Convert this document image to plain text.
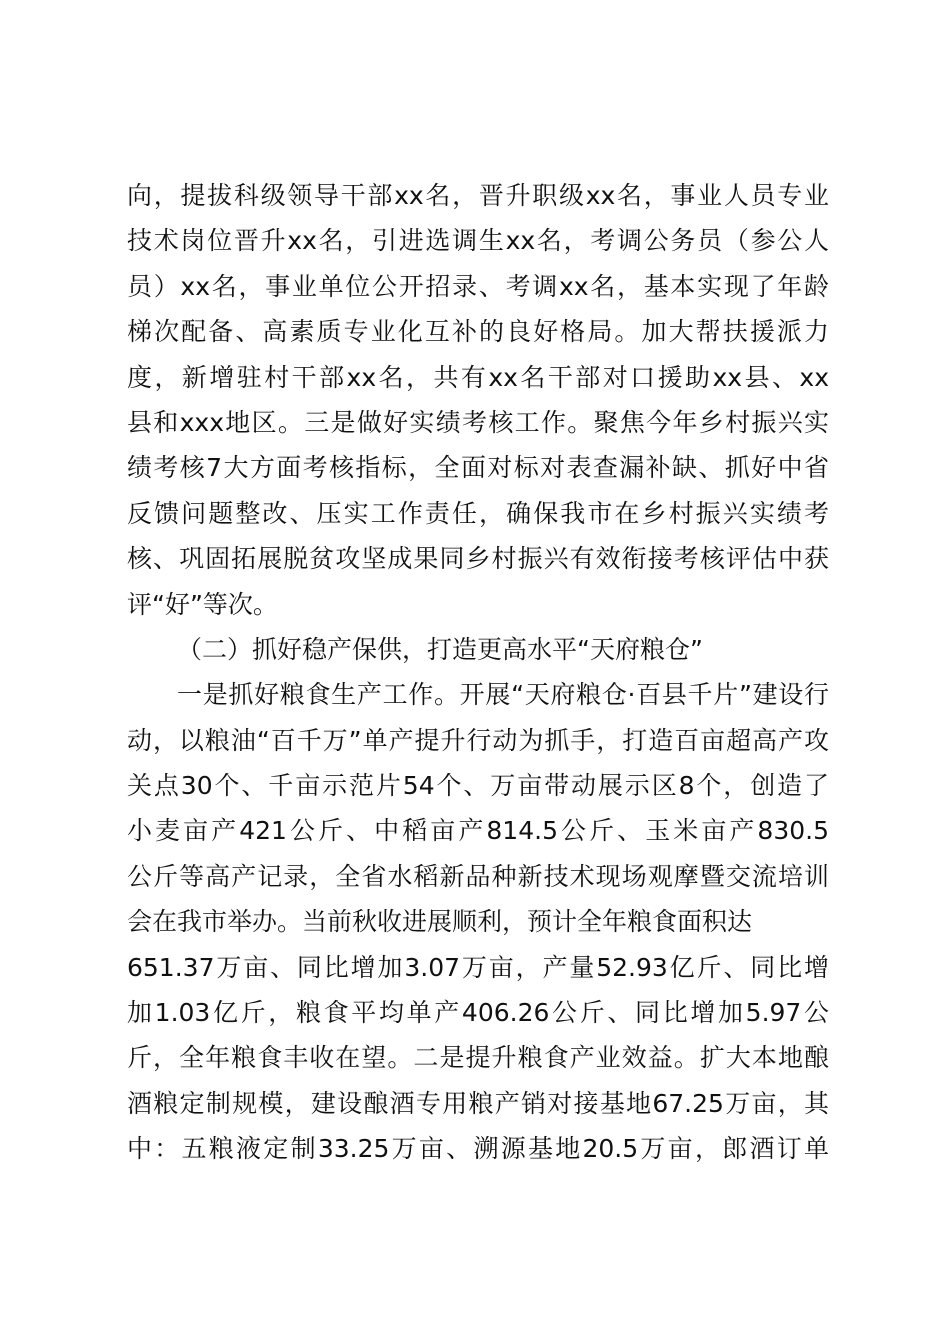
向，提拔科级领导干部xx名，晋升职级xx名，事业人员专业
技术岗位晋升xx名，引进选调生xx名，考调公务员（参公人
员）xx名，事业单位公开招录、考调xx名，基本实现了年龄
梯次配备、高素质专业化互补的良好格局。加大帮扶援派力
度，新增驻村干部xx名，共有xx名干部对口援助xx县、xx
县和xxx地区。三是做好实绩考核工作。聚焦今年乡村振兴实
绩考核7大方面考核指标，全面对标对表查漏补缺、抓好中省
反馈问题整改、压实工作责任，确保我市在乡村振兴实绩考
核、巩固拓展脱贫攻坚成果同乡村振兴有效衔接考核评估中获
评“好”等次。
（二）抓好稳产保供，打造更高水平“天府粮仓”
一是抓好粮食生产工作。开展“天府粮仓·百县千片”建设行
动，以粮油“百千万”单产提升行动为抓手，打造百亩超高产攻
关点30个、千亩示范片54个、万亩带动展示区8个，创造了
小麦亩产421公斤、中稻亩产814.5公斤、玉米亩产830.5
公斤等高产记录，全省水稻新品种新技术现场观摩暨交流培训
会在我市举办。当前秋收进展顺利，预计全年粮食面积达
651.37万亩、同比增加3.07万亩，产量52.93亿斤、同比增
加1.03亿斤，粮食平均单产406.26公斤、同比增加5.97公
斤，全年粮食丰收在望。二是提升粮食产业效益。扩大本地酿
酒粮定制规模，建设酿酒专用粮产销对接基地67.25万亩，其
中：五粮液定制33.25万亩、溯源基地20.5万亩，郎酒订单
